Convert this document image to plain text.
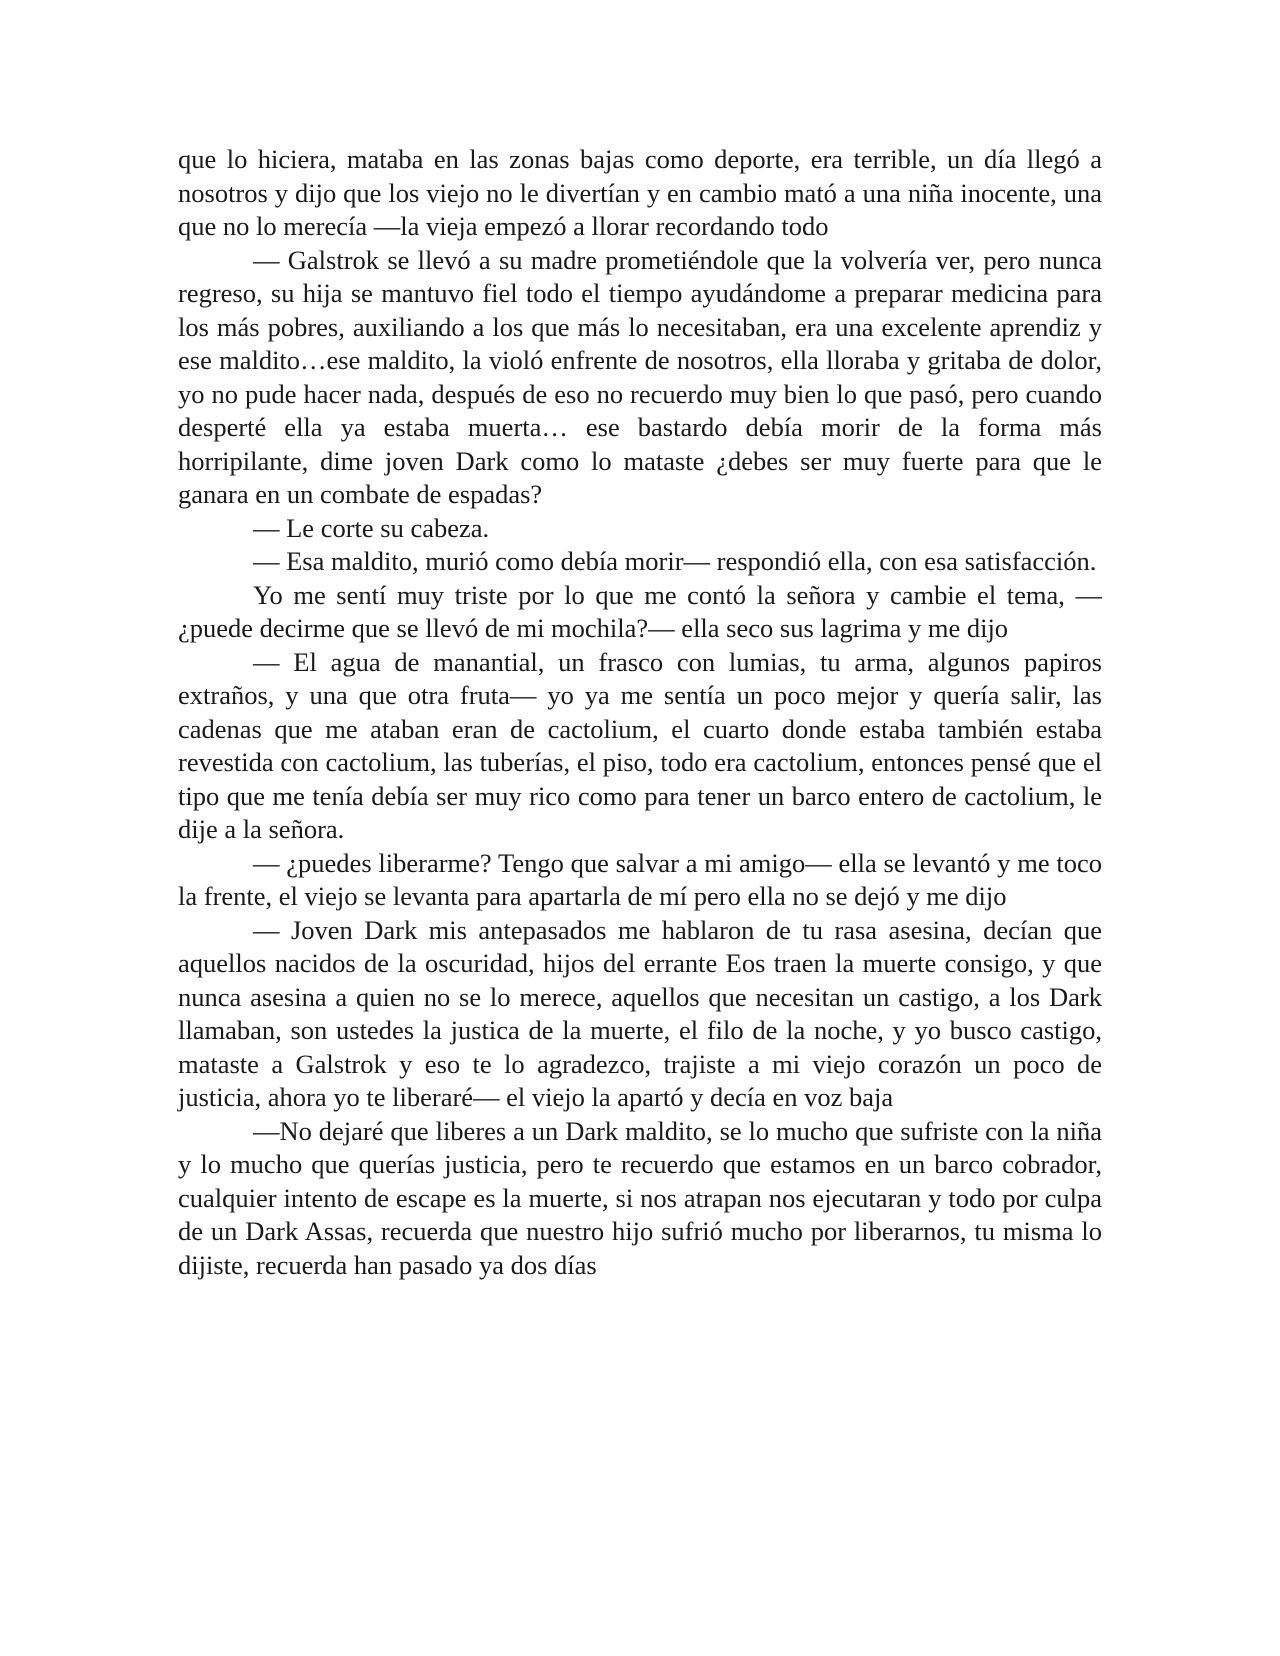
que lo hiciera, mataba en las zonas bajas como deporte, era terrible, un día llegó a nosotros y dijo que los viejo no le divertían y en cambio mató a una niña inocente, una que no lo merecía —la vieja empezó a llorar recordando todo

— Galstrok se llevó a su madre prometiéndole que la volvería ver, pero nunca regreso, su hija se mantuvo fiel todo el tiempo ayudándome a preparar medicina para los más pobres, auxiliando a los que más lo necesitaban, era una excelente aprendiz y ese maldito…ese maldito, la violó enfrente de nosotros, ella lloraba y gritaba de dolor, yo no pude hacer nada, después de eso no recuerdo muy bien lo que pasó, pero cuando desperté ella ya estaba muerta… ese bastardo debía morir de la forma más horripilante, dime joven Dark como lo mataste ¿debes ser muy fuerte para que le ganara en un combate de espadas?

— Le corte su cabeza.

— Esa maldito, murió como debía morir— respondió ella, con esa satisfacción.

Yo me sentí muy triste por lo que me contó la señora y cambie el tema, — ¿puede decirme que se llevó de mi mochila?— ella seco sus lagrima y me dijo

— El agua de manantial, un frasco con lumias, tu arma, algunos papiros extraños, y una que otra fruta— yo ya me sentía un poco mejor y quería salir, las cadenas que me ataban eran de cactolium, el cuarto donde estaba también estaba revestida con cactolium, las tuberías, el piso, todo era cactolium, entonces pensé que el tipo que me tenía debía ser muy rico como para tener un barco entero de cactolium, le dije a la señora.

— ¿puedes liberarme? Tengo que salvar a mi amigo— ella se levantó y me toco la frente, el viejo se levanta para apartarla de mí pero ella no se dejó y me dijo

— Joven Dark mis antepasados me hablaron de tu rasa asesina, decían que aquellos nacidos de la oscuridad, hijos del errante Eos traen la muerte consigo, y que nunca asesina a quien no se lo merece, aquellos que necesitan un castigo, a los Dark llamaban, son ustedes la justica de la muerte, el filo de la noche, y yo busco castigo, mataste a Galstrok y eso te lo agradezco, trajiste a mi viejo corazón un poco de justicia, ahora yo te liberaré— el viejo la apartó y decía en voz baja

—No dejaré que liberes a un Dark maldito, se lo mucho que sufriste con la niña y lo mucho que querías justicia, pero te recuerdo que estamos en un barco cobrador, cualquier intento de escape es la muerte, si nos atrapan nos ejecutaran y todo por culpa de un Dark Assas, recuerda que nuestro hijo sufrió mucho por liberarnos, tu misma lo dijiste, recuerda han pasado ya dos días
